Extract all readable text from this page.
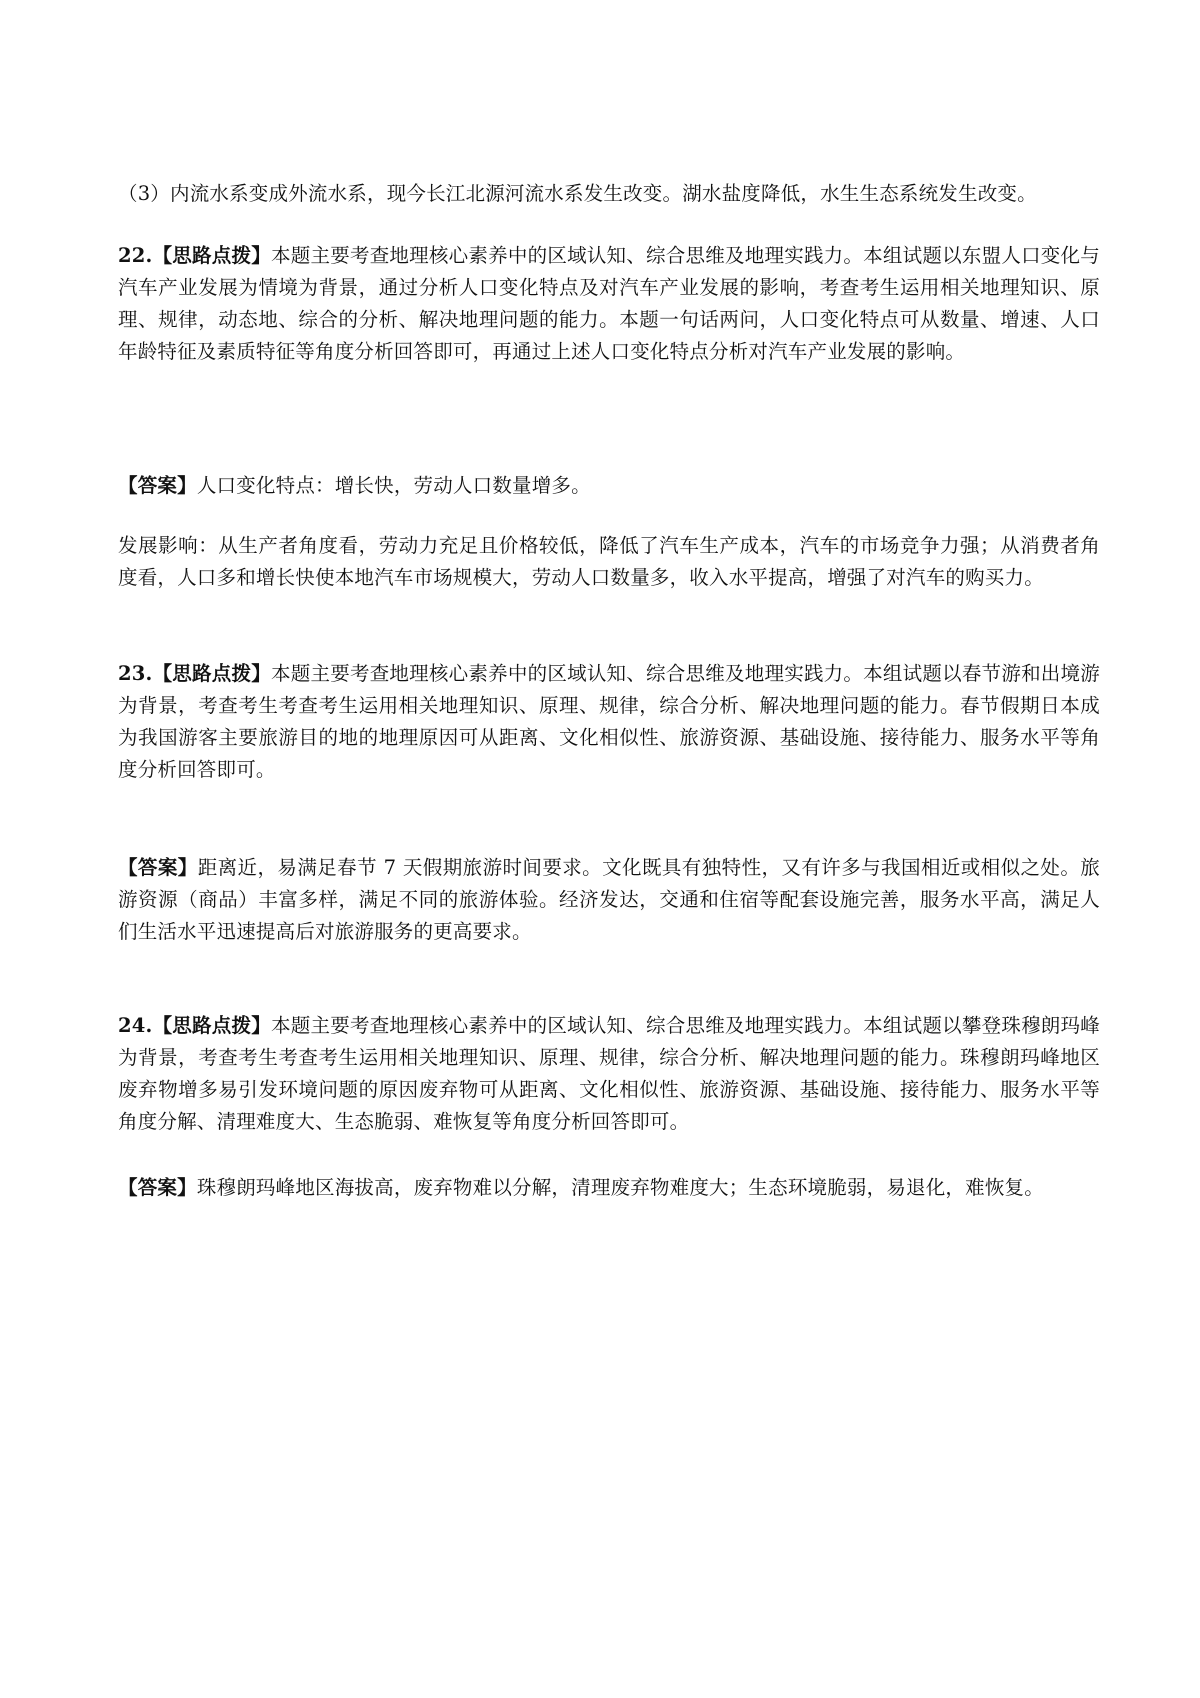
（3）内流水系变成外流水系，现今长江北源河流水系发生改变。湖水盐度降低，水生生态系统发生改变。

22.【思路点拨】本题主要考查地理核心素养中的区域认知、综合思维及地理实践力。本组试题以东盟人口变化与汽车产业发展为情境为背景，通过分析人口变化特点及对汽车产业发展的影响，考查考生运用相关地理知识、原理、规律，动态地、综合的分析、解决地理问题的能力。本题一句话两问，人口变化特点可从数量、增速、人口年龄特征及素质特征等角度分析回答即可，再通过上述人口变化特点分析对汽车产业发展的影响。

【答案】人口变化特点：增长快，劳动人口数量增多。

发展影响：从生产者角度看，劳动力充足且价格较低，降低了汽车生产成本，汽车的市场竞争力强；从消费者角度看，人口多和增长快使本地汽车市场规模大，劳动人口数量多，收入水平提高，增强了对汽车的购买力。

23.【思路点拨】本题主要考查地理核心素养中的区域认知、综合思维及地理实践力。本组试题以春节游和出境游为背景，考查考生考查考生运用相关地理知识、原理、规律，综合分析、解决地理问题的能力。春节假期日本成为我国游客主要旅游目的地的地理原因可从距离、文化相似性、旅游资源、基础设施、接待能力、服务水平等角度分析回答即可。

【答案】距离近，易满足春节 7 天假期旅游时间要求。文化既具有独特性，又有许多与我国相近或相似之处。旅游资源（商品）丰富多样，满足不同的旅游体验。经济发达，交通和住宿等配套设施完善，服务水平高，满足人们生活水平迅速提高后对旅游服务的更高要求。

24.【思路点拨】本题主要考查地理核心素养中的区域认知、综合思维及地理实践力。本组试题以攀登珠穆朗玛峰为背景，考查考生考查考生运用相关地理知识、原理、规律，综合分析、解决地理问题的能力。珠穆朗玛峰地区废弃物增多易引发环境问题的原因废弃物可从距离、文化相似性、旅游资源、基础设施、接待能力、服务水平等角度分解、清理难度大、生态脆弱、难恢复等角度分析回答即可。

【答案】珠穆朗玛峰地区海拔高，废弃物难以分解，清理废弃物难度大；生态环境脆弱，易退化，难恢复。
